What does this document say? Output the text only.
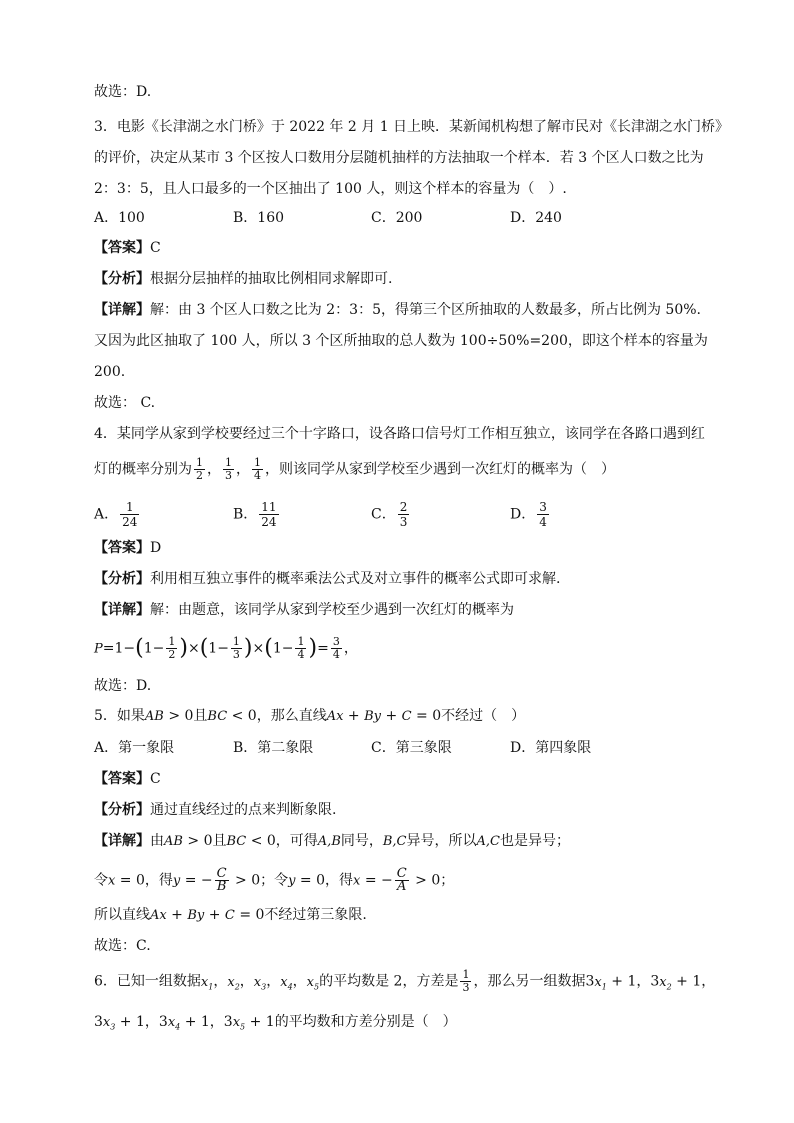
故选：D.
3．电影《长津湖之水门桥》于 2022 年 2 月 1 日上映．某新闻机构想了解市民对《长津湖之水门桥》
的评价，决定从某市 3 个区按人口数用分层随机抽样的方法抽取一个样本．若 3 个区人口数之比为
2：3：5，且人口最多的一个区抽出了 100 人，则这个样本的容量为（　）.
A．100	B．160	C．200	D．240
【答案】C
【分析】根据分层抽样的抽取比例相同求解即可.
【详解】解：由 3 个区人口数之比为 2：3：5，得第三个区所抽取的人数最多，所占比例为 50%.
又因为此区抽取了 100 人，所以 3 个区所抽取的总人数为 100÷50%=200，即这个样本的容量为
200.
故选： C.
4．某同学从家到学校要经过三个十字路口，设各路口信号灯工作相互独立，该同学在各路口遇到红
灯的概率分别为 $\frac{1}{2}$ ， $\frac{1}{3}$ ， $\frac{1}{4}$ ，则该同学从家到学校至少遇到一次红灯的概率为（　）
A． $\frac{1}{24}$	B． $\frac{11}{24}$	C． $\frac{2}{3}$	D． $\frac{3}{4}$
【答案】D
【分析】利用相互独立事件的概率乘法公式及对立事件的概率公式即可求解.
【详解】解：由题意，该同学从家到学校至少遇到一次红灯的概率为
$P=1-(1- \frac{1}{2} )\times(1- \frac{1}{3} )\times(1- \frac{1}{4}$ )= $\frac{3}{4}$ ，
故选：D.
5．如果AB > 0且BC < 0，那么直线Ax + By + C = 0不经过（　）
A．第一象限	B．第二象限	C．第三象限	D．第四象限
【答案】C
【分析】通过直线经过的点来判断象限.
【详解】由AB > 0且BC < 0，可得A,B同号，B,C异号，所以A,C也是异号；
令x = 0，得y = − $\frac{C}{B} > 0$；令y = 0，得x = − $\frac{C}{A} > 0$；
所以直线Ax + By + C = 0不经过第三象限.
故选：C.
6．已知一组数据$x_1$，$x_2$，$x_3$，$x_4$，$x_5$的平均数是 2，方差是 $\frac{1}{3}$ ，那么另一组数据$3x_1 + 1$，$3x_2 + 1$，
$3x_3 + 1$，$3x_4 + 1$，$3x_5 + 1$的平均数和方差分别是（　）
